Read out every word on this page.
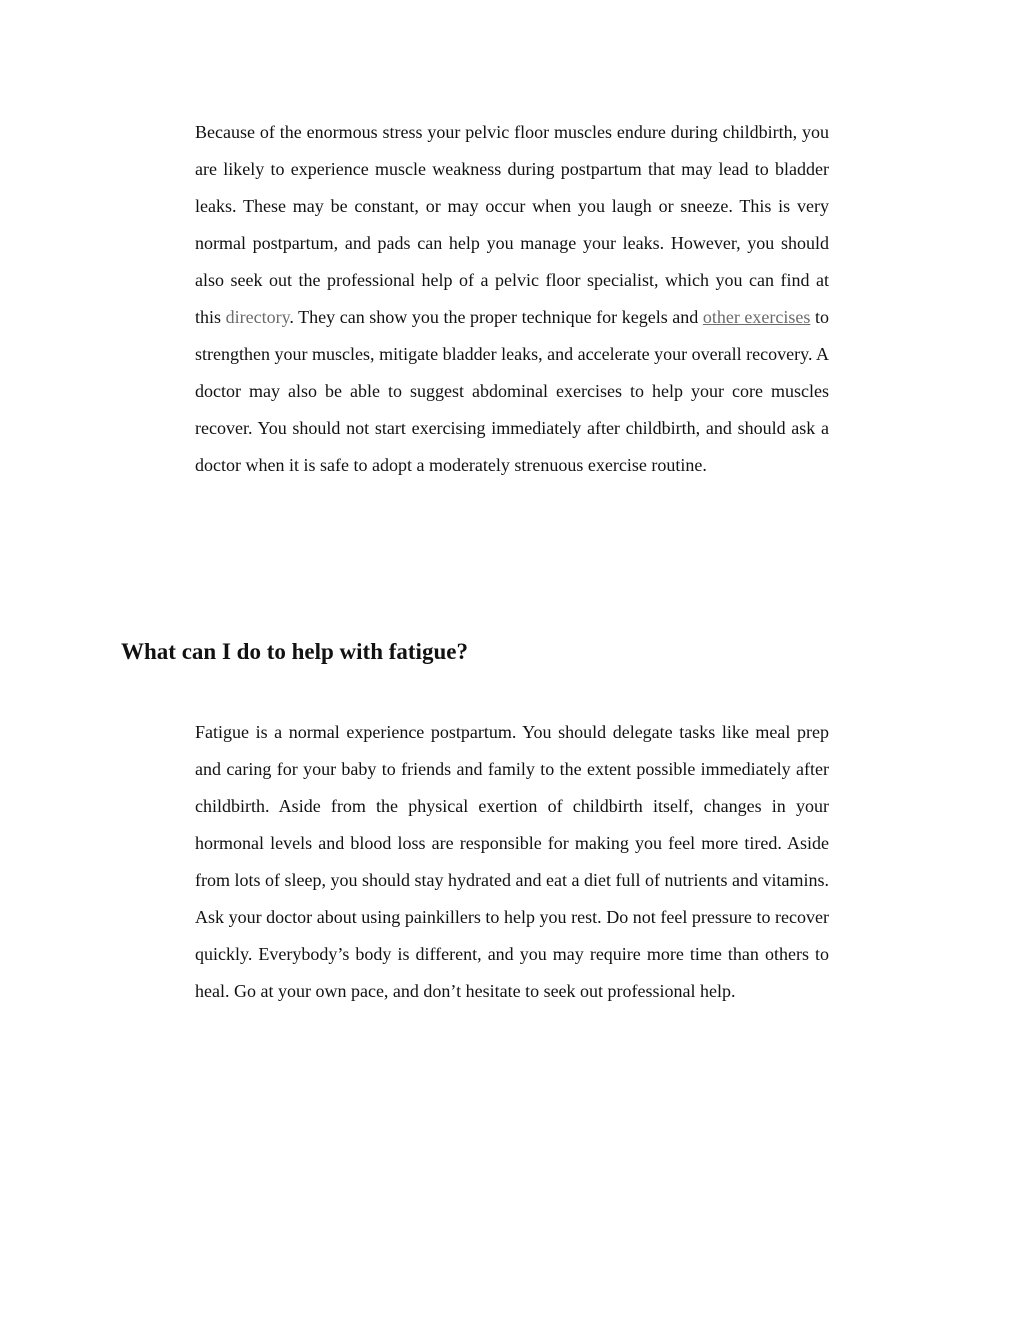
Because of the enormous stress your pelvic floor muscles endure during childbirth, you are likely to experience muscle weakness during postpartum that may lead to bladder leaks. These may be constant, or may occur when you laugh or sneeze. This is very normal postpartum, and pads can help you manage your leaks. However, you should also seek out the professional help of a pelvic floor specialist, which you can find at this directory. They can show you the proper technique for kegels and other exercises to strengthen your muscles, mitigate bladder leaks, and accelerate your overall recovery. A doctor may also be able to suggest abdominal exercises to help your core muscles recover. You should not start exercising immediately after childbirth, and should ask a doctor when it is safe to adopt a moderately strenuous exercise routine.

What can I do to help with fatigue?

Fatigue is a normal experience postpartum. You should delegate tasks like meal prep and caring for your baby to friends and family to the extent possible immediately after childbirth. Aside from the physical exertion of childbirth itself, changes in your hormonal levels and blood loss are responsible for making you feel more tired. Aside from lots of sleep, you should stay hydrated and eat a diet full of nutrients and vitamins. Ask your doctor about using painkillers to help you rest. Do not feel pressure to recover quickly. Everybody’s body is different, and you may require more time than others to heal. Go at your own pace, and don’t hesitate to seek out professional help.
